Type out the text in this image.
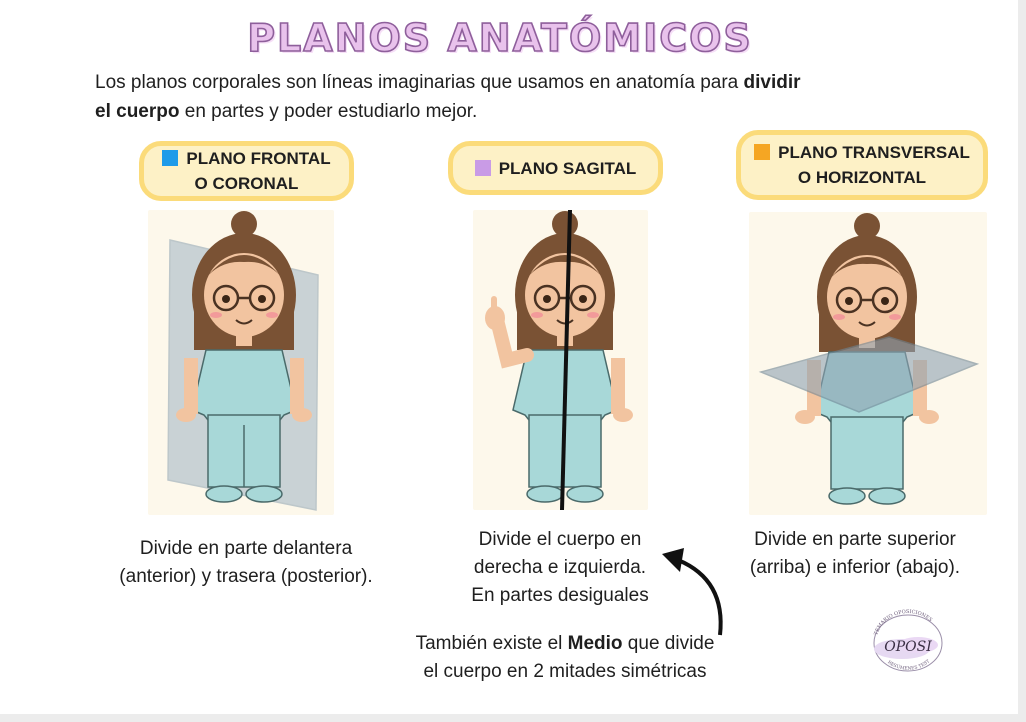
PLANOS ANATÓMICOS
Los planos corporales son líneas imaginarias que usamos en anatomía para dividir
el cuerpo en partes y poder estudiarlo mejor.
PLANO FRONTAL
O CORONAL
PLANO SAGITAL
PLANO TRANSVERSAL
O HORIZONTAL
Divide en parte delantera
(anterior) y trasera (posterior).
Divide el cuerpo en
derecha e izquierda.
En partes desiguales
Divide en parte superior
(arriba) e inferior (abajo).
También existe el Medio que divide
el cuerpo en 2 mitades simétricas
TEMARIO OPOSICIONES
RESÚMENES TEST
OPOSI
